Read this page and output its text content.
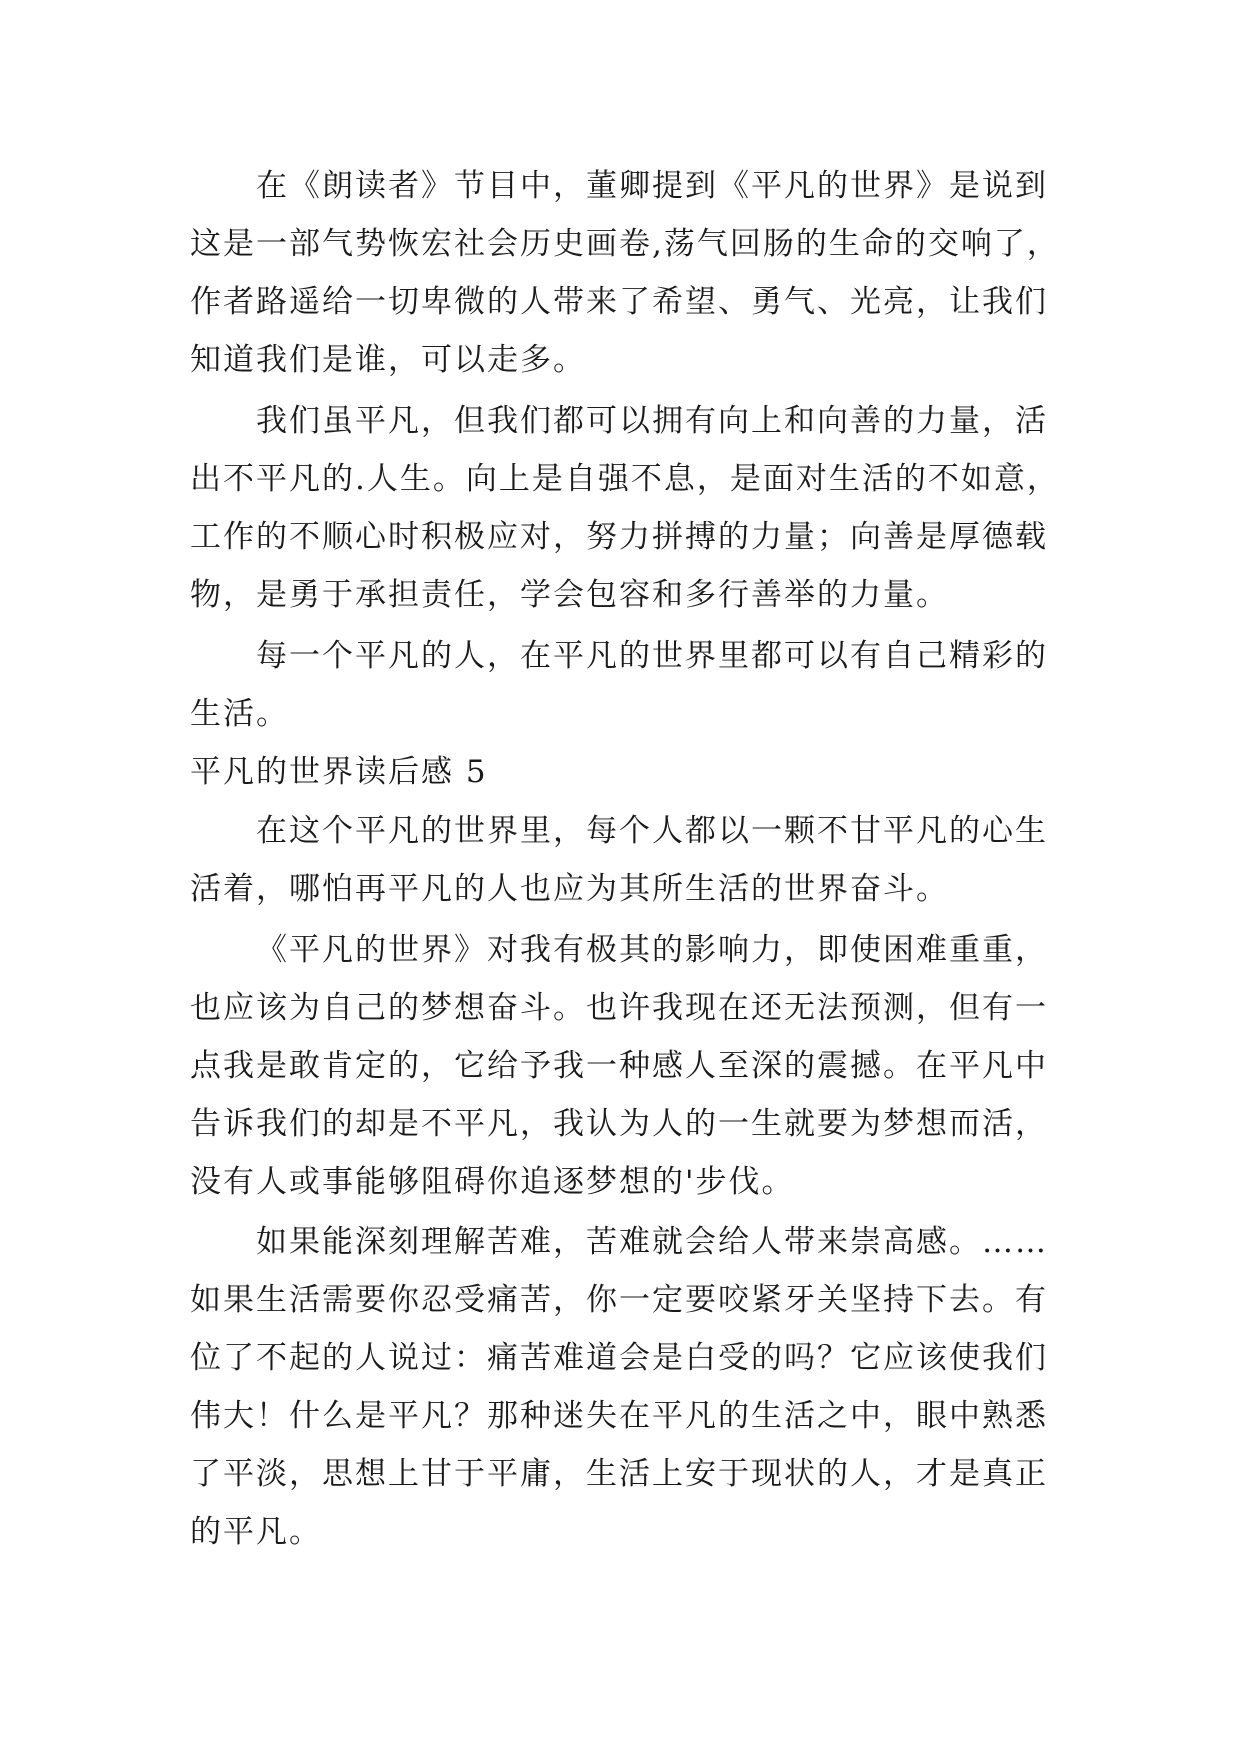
在《朗读者》节目中，董卿提到《平凡的世界》是说到
这是一部气势恢宏社会历史画卷,荡气回肠的生命的交响了，
作者路遥给一切卑微的人带来了希望、勇气、光亮，让我们
知道我们是谁，可以走多。
我们虽平凡，但我们都可以拥有向上和向善的力量，活
出不平凡的.人生。向上是自强不息，是面对生活的不如意，
工作的不顺心时积极应对，努力拼搏的力量；向善是厚德载
物，是勇于承担责任，学会包容和多行善举的力量。
每一个平凡的人，在平凡的世界里都可以有自己精彩的
生活。
平凡的世界读后感 5
在这个平凡的世界里，每个人都以一颗不甘平凡的心生
活着，哪怕再平凡的人也应为其所生活的世界奋斗。
《平凡的世界》对我有极其的影响力，即使困难重重，
也应该为自己的梦想奋斗。也许我现在还无法预测，但有一
点我是敢肯定的，它给予我一种感人至深的震撼。在平凡中
告诉我们的却是不平凡，我认为人的一生就要为梦想而活，
没有人或事能够阻碍你追逐梦想的'步伐。
如果能深刻理解苦难，苦难就会给人带来崇高感。……
如果生活需要你忍受痛苦，你一定要咬紧牙关坚持下去。有
位了不起的人说过：痛苦难道会是白受的吗？它应该使我们
伟大！什么是平凡？那种迷失在平凡的生活之中，眼中熟悉
了平淡，思想上甘于平庸，生活上安于现状的人，才是真正
的平凡。
